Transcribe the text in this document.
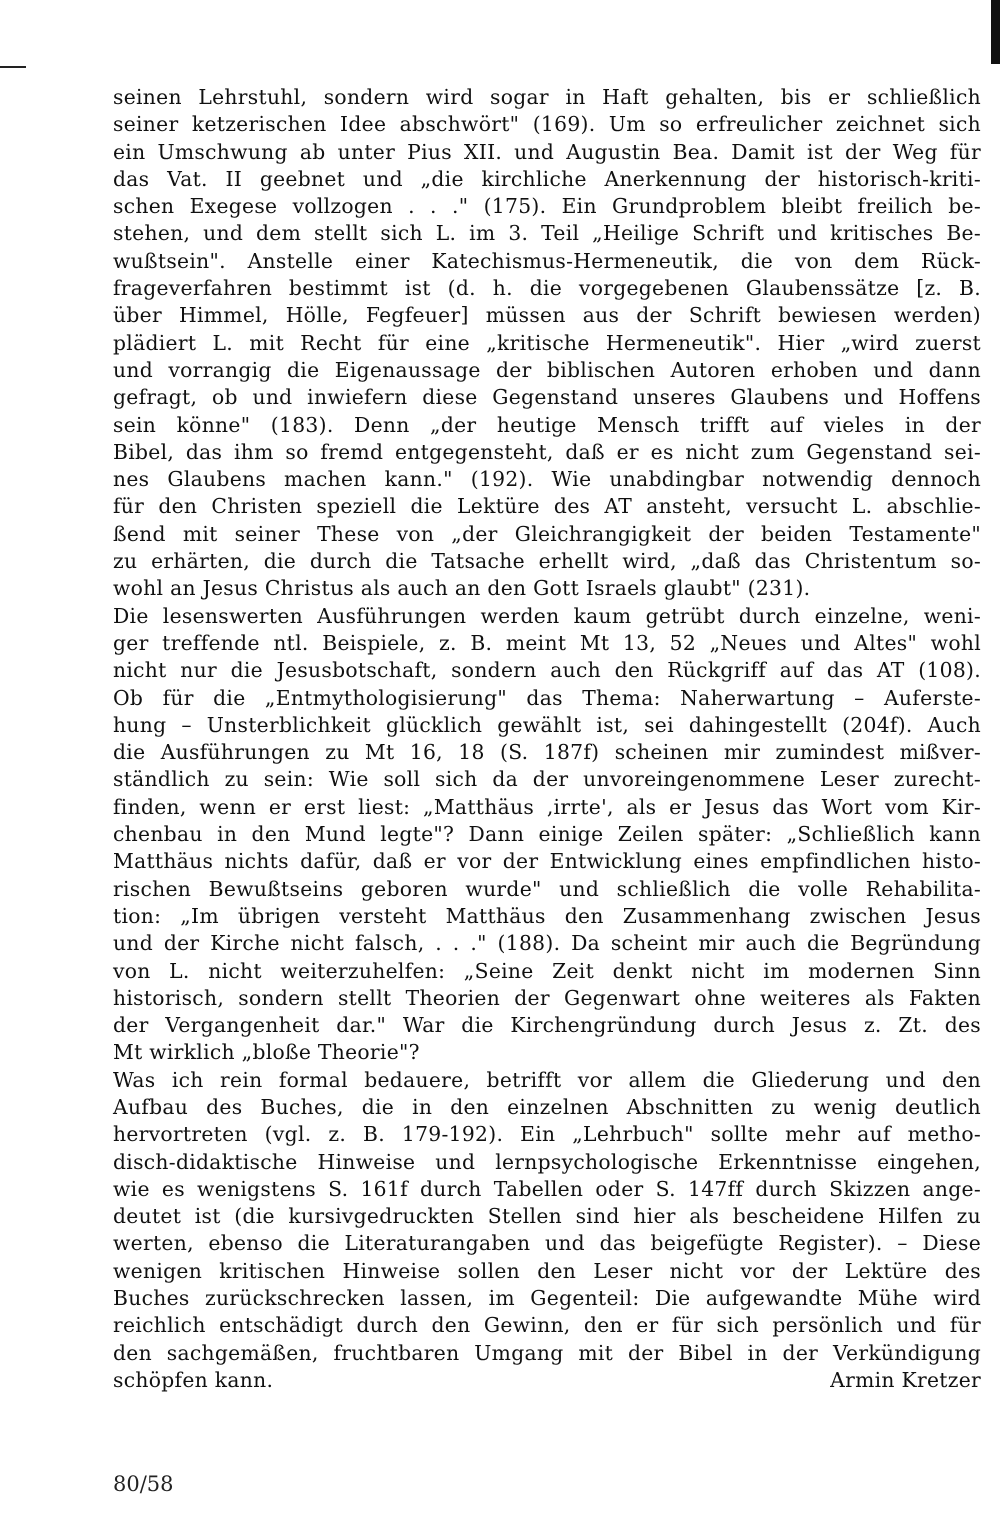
seinen Lehrstuhl, sondern wird sogar in Haft gehalten, bis er schließlich
seiner ketzerischen Idee abschwört" (169). Um so erfreulicher zeichnet sich
ein Umschwung ab unter Pius XII. und Augustin Bea. Damit ist der Weg für
das Vat. II geebnet und „die kirchliche Anerkennung der historisch-kriti-
schen Exegese vollzogen . . ." (175). Ein Grundproblem bleibt freilich be-
stehen, und dem stellt sich L. im 3. Teil „Heilige Schrift und kritisches Be-
wußtsein". Anstelle einer Katechismus-Hermeneutik, die von dem Rück-
frageverfahren bestimmt ist (d. h. die vorgegebenen Glaubenssätze [z. B.
über Himmel, Hölle, Fegfeuer] müssen aus der Schrift bewiesen werden)
plädiert L. mit Recht für eine „kritische Hermeneutik". Hier „wird zuerst
und vorrangig die Eigenaussage der biblischen Autoren erhoben und dann
gefragt, ob und inwiefern diese Gegenstand unseres Glaubens und Hoffens
sein könne" (183). Denn „der heutige Mensch trifft auf vieles in der
Bibel, das ihm so fremd entgegensteht, daß er es nicht zum Gegenstand sei-
nes Glaubens machen kann." (192). Wie unabdingbar notwendig dennoch
für den Christen speziell die Lektüre des AT ansteht, versucht L. abschlie-
ßend mit seiner These von „der Gleichrangigkeit der beiden Testamente"
zu erhärten, die durch die Tatsache erhellt wird, „daß das Christentum so-
wohl an Jesus Christus als auch an den Gott Israels glaubt" (231).
Die lesenswerten Ausführungen werden kaum getrübt durch einzelne, weni-
ger treffende ntl. Beispiele, z. B. meint Mt 13, 52 „Neues und Altes" wohl
nicht nur die Jesusbotschaft, sondern auch den Rückgriff auf das AT (108).
Ob für die „Entmythologisierung" das Thema: Naherwartung – Auferste-
hung – Unsterblichkeit glücklich gewählt ist, sei dahingestellt (204f). Auch
die Ausführungen zu Mt 16, 18 (S. 187f) scheinen mir zumindest mißver-
ständlich zu sein: Wie soll sich da der unvoreingenommene Leser zurecht-
finden, wenn er erst liest: „Matthäus ‚irrte', als er Jesus das Wort vom Kir-
chenbau in den Mund legte"? Dann einige Zeilen später: „Schließlich kann
Matthäus nichts dafür, daß er vor der Entwicklung eines empfindlichen histo-
rischen Bewußtseins geboren wurde" und schließlich die volle Rehabilita-
tion: „Im übrigen versteht Matthäus den Zusammenhang zwischen Jesus
und der Kirche nicht falsch, . . ." (188). Da scheint mir auch die Begründung
von L. nicht weiterzuhelfen: „Seine Zeit denkt nicht im modernen Sinn
historisch, sondern stellt Theorien der Gegenwart ohne weiteres als Fakten
der Vergangenheit dar." War die Kirchengründung durch Jesus z. Zt. des
Mt wirklich „bloße Theorie"?
Was ich rein formal bedauere, betrifft vor allem die Gliederung und den
Aufbau des Buches, die in den einzelnen Abschnitten zu wenig deutlich
hervortreten (vgl. z. B. 179-192). Ein „Lehrbuch" sollte mehr auf metho-
disch-didaktische Hinweise und lernpsychologische Erkenntnisse eingehen,
wie es wenigstens S. 161f durch Tabellen oder S. 147ff durch Skizzen ange-
deutet ist (die kursivgedruckten Stellen sind hier als bescheidene Hilfen zu
werten, ebenso die Literaturangaben und das beigefügte Register). – Diese
wenigen kritischen Hinweise sollen den Leser nicht vor der Lektüre des
Buches zurückschrecken lassen, im Gegenteil: Die aufgewandte Mühe wird
reichlich entschädigt durch den Gewinn, den er für sich persönlich und für
den sachgemäßen, fruchtbaren Umgang mit der Bibel in der Verkündigung
schöpfen kann.	Armin Kretzer
80/58
